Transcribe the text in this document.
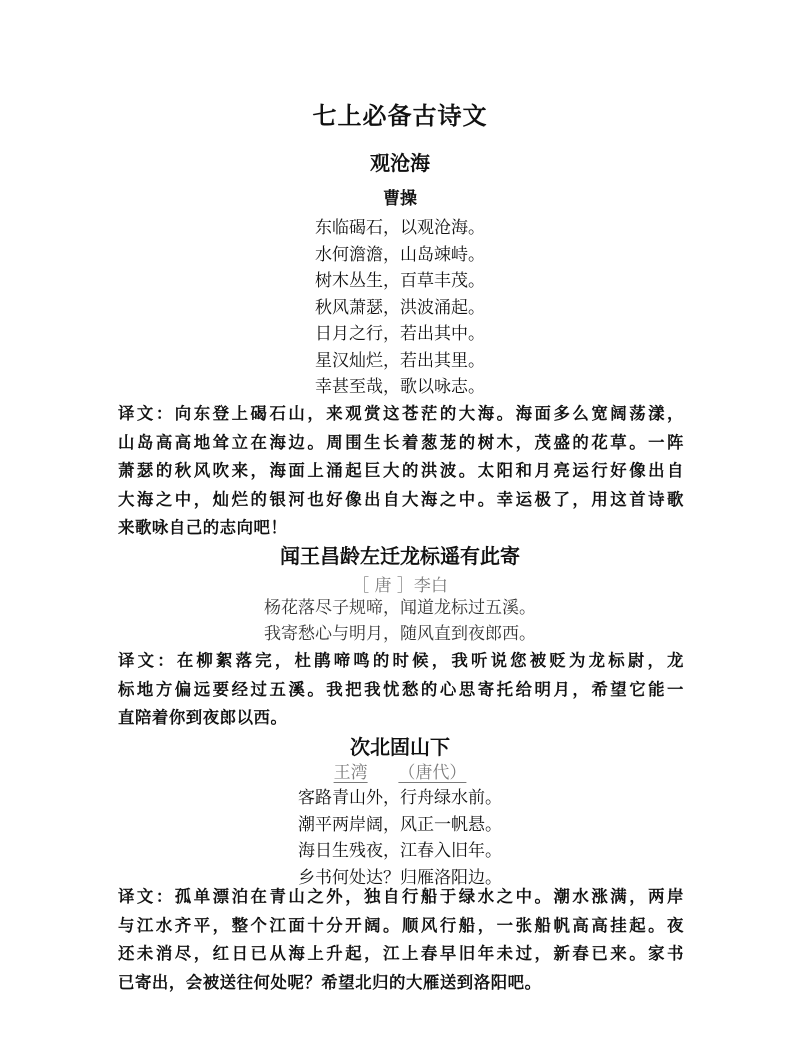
七上必备古诗文
观沧海
曹操
东临碣石，以观沧海。
水何澹澹，山岛竦峙。
树木丛生，百草丰茂。
秋风萧瑟，洪波涌起。
日月之行，若出其中。
星汉灿烂，若出其里。
幸甚至哉，歌以咏志。
译文：向东登上碣石山，来观赏这苍茫的大海。海面多么宽阔荡漾，
山岛高高地耸立在海边。周围生长着葱茏的树木，茂盛的花草。一阵
萧瑟的秋风吹来，海面上涌起巨大的洪波。太阳和月亮运行好像出自
大海之中，灿烂的银河也好像出自大海之中。幸运极了，用这首诗歌
来歌咏自己的志向吧！
闻王昌龄左迁龙标遥有此寄
［ 唐 ］李白
杨花落尽子规啼，闻道龙标过五溪。
我寄愁心与明月，随风直到夜郎西。
译文：在柳絮落完，杜鹃啼鸣的时候，我听说您被贬为龙标尉，龙
标地方偏远要经过五溪。我把我忧愁的心思寄托给明月，希望它能一
直陪着你到夜郎以西。
次北固山下
王湾 （唐代）
客路青山外，行舟绿水前。
潮平两岸阔，风正一帆悬。
海日生残夜，江春入旧年。
乡书何处达？归雁洛阳边。
译文：孤单漂泊在青山之外，独自行船于绿水之中。潮水涨满，两岸
与江水齐平，整个江面十分开阔。顺风行船，一张船帆高高挂起。夜
还未消尽，红日已从海上升起，江上春早旧年未过，新春已来。家书
已寄出，会被送往何处呢？希望北归的大雁送到洛阳吧。
